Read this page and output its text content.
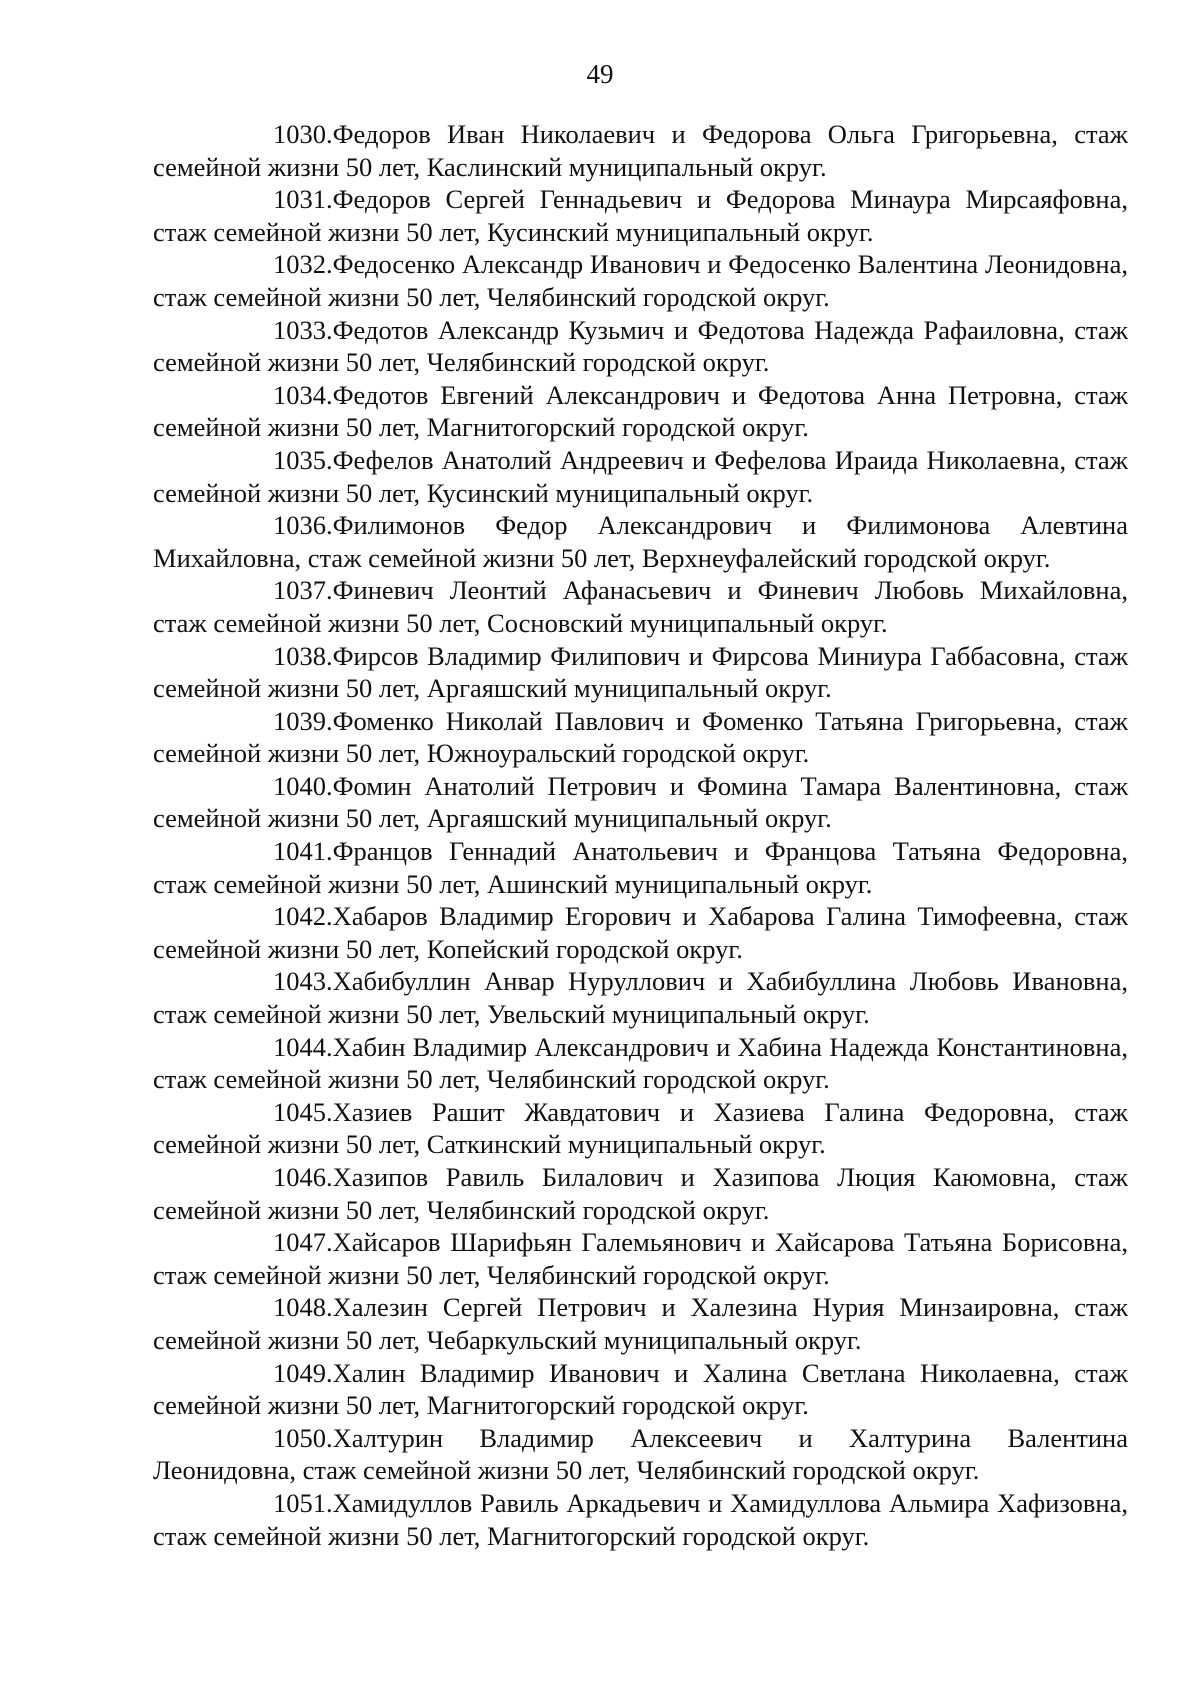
49

1030.Федоров Иван Николаевич и Федорова Ольга Григорьевна, стаж семейной жизни 50 лет, Каслинский муниципальный округ.

1031.Федоров Сергей Геннадьевич и Федорова Минаура Мирсаяфовна, стаж семейной жизни 50 лет, Кусинский муниципальный округ.

1032.Федосенко Александр Иванович и Федосенко Валентина Леонидовна, стаж семейной жизни 50 лет, Челябинский городской округ.

1033.Федотов Александр Кузьмич и Федотова Надежда Рафаиловна, стаж семейной жизни 50 лет, Челябинский городской округ.

1034.Федотов Евгений Александрович и Федотова Анна Петровна, стаж семейной жизни 50 лет, Магнитогорский городской округ.

1035.Фефелов Анатолий Андреевич и Фефелова Ираида Николаевна, стаж семейной жизни 50 лет, Кусинский муниципальный округ.

1036.Филимонов Федор Александрович и Филимонова Алевтина Михайловна, стаж семейной жизни 50 лет, Верхнеуфалейский городской округ.

1037.Финевич Леонтий Афанасьевич и Финевич Любовь Михайловна, стаж семейной жизни 50 лет, Сосновский муниципальный округ.

1038.Фирсов Владимир Филипович и Фирсова Миниура Габбасовна, стаж семейной жизни 50 лет, Аргаяшский муниципальный округ.

1039.Фоменко Николай Павлович и Фоменко Татьяна Григорьевна, стаж семейной жизни 50 лет, Южноуральский городской округ.

1040.Фомин Анатолий Петрович и Фомина Тамара Валентиновна, стаж семейной жизни 50 лет, Аргаяшский муниципальный округ.

1041.Францов Геннадий Анатольевич и Францова Татьяна Федоровна, стаж семейной жизни 50 лет, Ашинский муниципальный округ.

1042.Хабаров Владимир Егорович и Хабарова Галина Тимофеевна, стаж семейной жизни 50 лет, Копейский городской округ.

1043.Хабибуллин Анвар Нуруллович и Хабибуллина Любовь Ивановна, стаж семейной жизни 50 лет, Увельский муниципальный округ.

1044.Хабин Владимир Александрович и Хабина Надежда Константиновна, стаж семейной жизни 50 лет, Челябинский городской округ.

1045.Хазиев Рашит Жавдатович и Хазиева Галина Федоровна, стаж семейной жизни 50 лет, Саткинский муниципальный округ.

1046.Хазипов Равиль Билалович и Хазипова Люция Каюмовна, стаж семейной жизни 50 лет, Челябинский городской округ.

1047.Хайсаров Шарифьян Галемьянович и Хайсарова Татьяна Борисовна, стаж семейной жизни 50 лет, Челябинский городской округ.

1048.Халезин Сергей Петрович и Халезина Нурия Минзаировна, стаж семейной жизни 50 лет, Чебаркульский муниципальный округ.

1049.Халин Владимир Иванович и Халина Светлана Николаевна, стаж семейной жизни 50 лет, Магнитогорский городской округ.

1050.Халтурин Владимир Алексеевич и Халтурина Валентина Леонидовна, стаж семейной жизни 50 лет, Челябинский городской округ.

1051.Хамидуллов Равиль Аркадьевич и Хамидуллова Альмира Хафизовна, стаж семейной жизни 50 лет, Магнитогорский городской округ.
